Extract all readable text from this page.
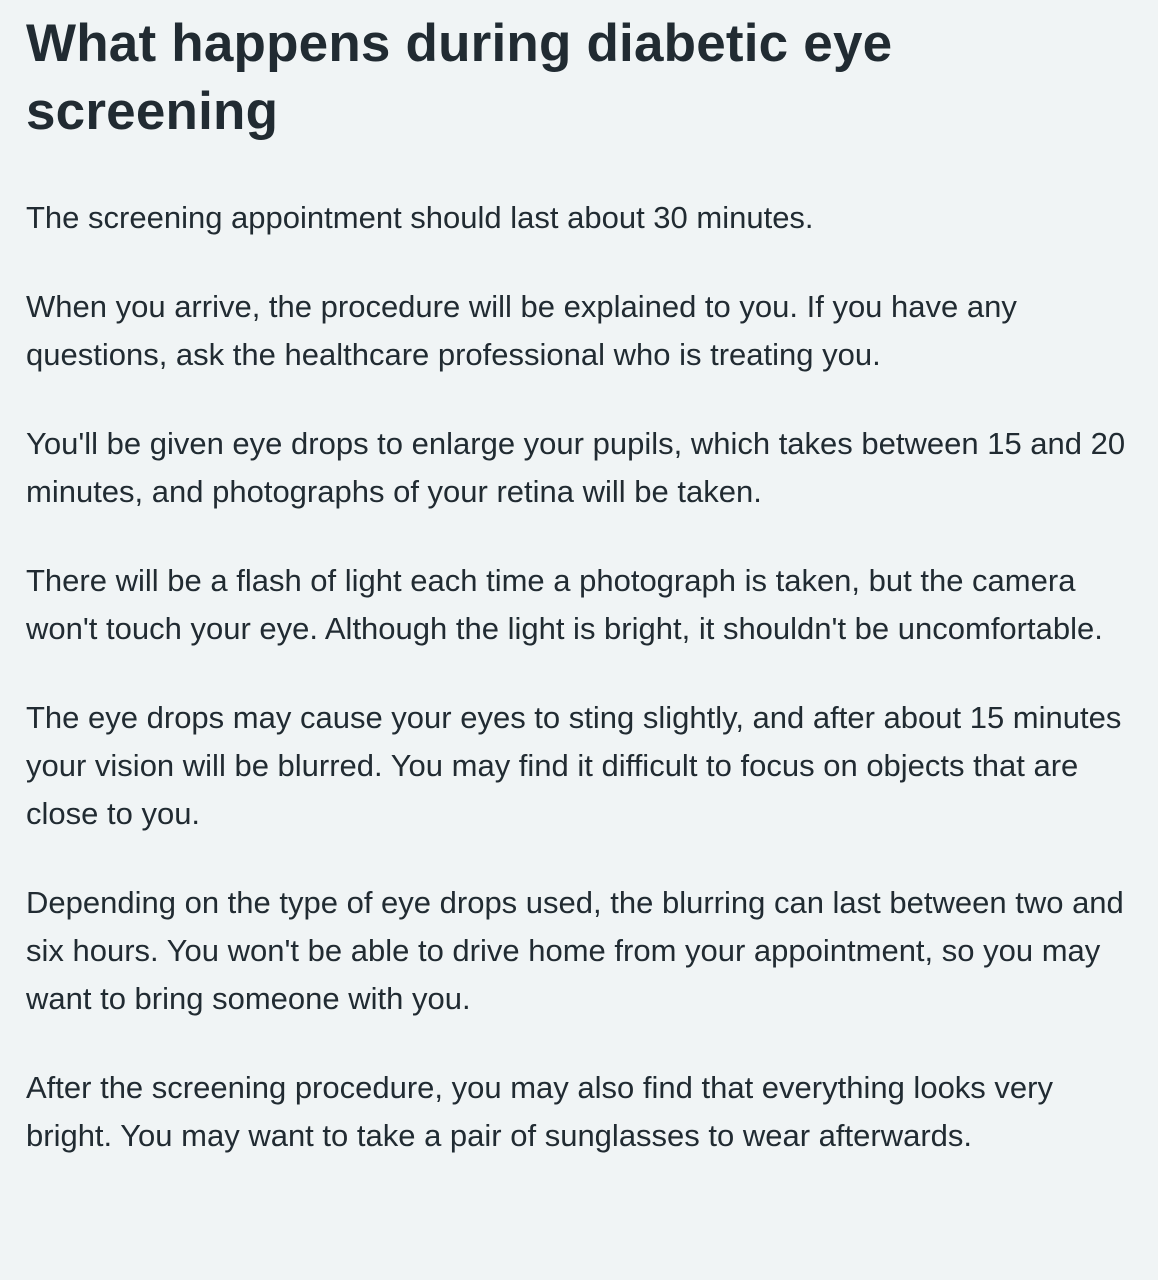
What happens during diabetic eye screening

The screening appointment should last about 30 minutes.

When you arrive, the procedure will be explained to you. If you have any questions, ask the healthcare professional who is treating you.

You'll be given eye drops to enlarge your pupils, which takes between 15 and 20 minutes, and photographs of your retina will be taken.

There will be a flash of light each time a photograph is taken, but the camera won't touch your eye. Although the light is bright, it shouldn't be uncomfortable.

The eye drops may cause your eyes to sting slightly, and after about 15 minutes your vision will be blurred. You may find it difficult to focus on objects that are close to you.

Depending on the type of eye drops used, the blurring can last between two and six hours. You won't be able to drive home from your appointment, so you may want to bring someone with you.

After the screening procedure, you may also find that everything looks very bright. You may want to take a pair of sunglasses to wear afterwards.
